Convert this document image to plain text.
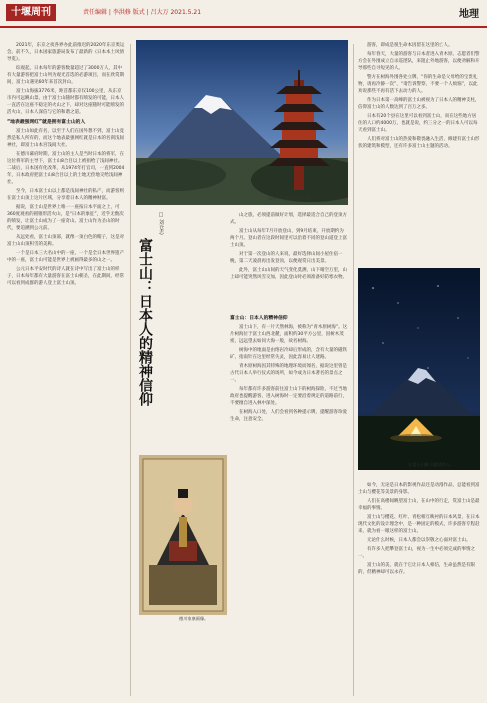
十堰周刊	责任编辑 | 李洪修 版式 | 吕大万 2021.5.21	地理

2021年，东京之夜各界办此前推迟的2020年东京奥运会。前不久，日本国家旅游局发布了最新的《日本本土风情导览》。

综观起，日本每年的游客数量超过了3000万人，其中有大量游客把富士山列为观光首选的必游项目，而在欣赏期间，富士山遇见60年来首次封山。

富士山海拔3776米，距首都东京仅100公里，从东京市内可远眺山景。由于富士山随时都有喷发的可能，日本人一直活在这座不稳定的火山之下，却对这座随时可能喷发的活火山，日本人深信与它的和谐之道。

“地表最强网红”就是拥有富士山的人

富士山如此有名，以至于人们在国外想不到，富士山竟然是私人所有的，而这个地表最强网红就是日本的名刹浅间神社，即富士山本宫浅间大社。

在德川幕府时期，富士山的主人是当时日本的将军，在这位将军的主导下，富士山8合目以上被捐给了浅间神社。二战后，日本国有化改革，从1974年打官司，一直到2004年，日本政府把富士山8合目以上的土地无偿地交给浅间神社。

至今，日本富士山以上都是浅间神社的私产，而游客则在富士山顶上这片区域，分享着日本人的精神财富。

据说，富士山是世界上唯一一座按日本平面之上，可360度观看的圆锥形活火山，是“日本的象征”，近乎无数次的喷发，让富士山成为了一座奇山。富士山作为圣山的时代，要追溯到公元前。

从远处看，富士山顶部，就像一顶白色的帽子，这是对富士山山顶积雪的美称。

一个是日本三大名山中的一座，一个是全日本世界遗产中的一座，富士山可能是世界上被画得最多的山之一。

公元日本平安时代的诗人就在诗中写出了富士山的样子，日本每年都有大量游客在富士山朝圣，在此期间，经常可以看到成群的游人登上富士山顶。

浅间寺与富士山相谐趣。
富士山：日本人的精神信仰
□ 刘仓志
德川家康画像。

山之旅，必须提前做好计划，选择最适合自己的登顶方式。

富士山从每年7月开放登山，到9月结束，开放期约为两个月。登山者在这段时间里可以沿着不同的登山道登上富士山顶。

对于第一次登山的人来说，最好选择山间小屋住宿一晚，第二天凌晨再出发登顶，以便观赏日出美景。

此外，富士山山间的天气变化莫测，山下晴空万里，山上却可能突然风雪交加，因此登山时必须准备好防寒衣物。

富士山：日本人的精神信仰

富士山下，有一片天然林海，被称为“青木原树海”。这片树海位于富士山西北麓，面积约30平方公里，因树木茂密，远远望去如同大海一般，故名树海。

树海中的地面是由熔岩冷却后形成的，含有大量的磁铁矿，指南针在这里经常失灵，因此容易让人迷路。

青木原树海因其特殊的地理环境而闻名，据说这里曾是古代日本人举行仪式的场所，如今成为日本著名的景点之一。

每年都有许多游客前往富士山下的树海探险，不过当地政府也提醒游客，进入树海时一定要沿着规定的道路前行，不要擅自进入林中深处。

在树海入口处，人们会看到各种提示牌，提醒游客珍爱生命，注意安全。

游客，即成是很生命本因留在这里的亡人。

每年春天，大量的游客与日本者进入青木原。志愿者们警方会在外围成立自杀巡逻队，来阻止外地游客，以便劝解和开导那些自寻短见的人。

警方在树海外围各处立牌，“你的生命是父母给的宝贵礼物，请再冷静一次”，“请告诉警察，不要一个人烦恼”，以此劝说那些不再有活下去动力的人。

作为日本第一高峰的富士山被视为了日本人的精神支柱，信仰富士山的人数达到了百万之多。

日本有20个县在这里可以看到富士山，而在这些地方居住的人口约4000万，也就是说，约三分之一的日本人可以每天看到富士山。

人们将对富士山的热爱和敬畏融入生活，修建有富士山形状的建筑和模型，还有许多富士山主题的活动。

在富士山脚下露营的人。

如今，无论是日本的影视作品还是动漫作品，总能看到富士山与樱花等美景的身影。

人们在高楼间眺望富士山，在山中的行走，赏富士山是最幸福的事情。

富士山与樱花、红叶、青松相互映衬的日本风景，在日本现代文化的设计理念中，是一种固定的模式，许多游客专程赶来，就为看一眼这样的富士山。

无论什么时候，日本人都会以崇敬之心面对富士山。

有许多人把攀登富士山，视为一生中必须完成的事情之一。

富士山的美，就在于它让日本人相信，生命虽然是有限的，但精神却可以永存。
